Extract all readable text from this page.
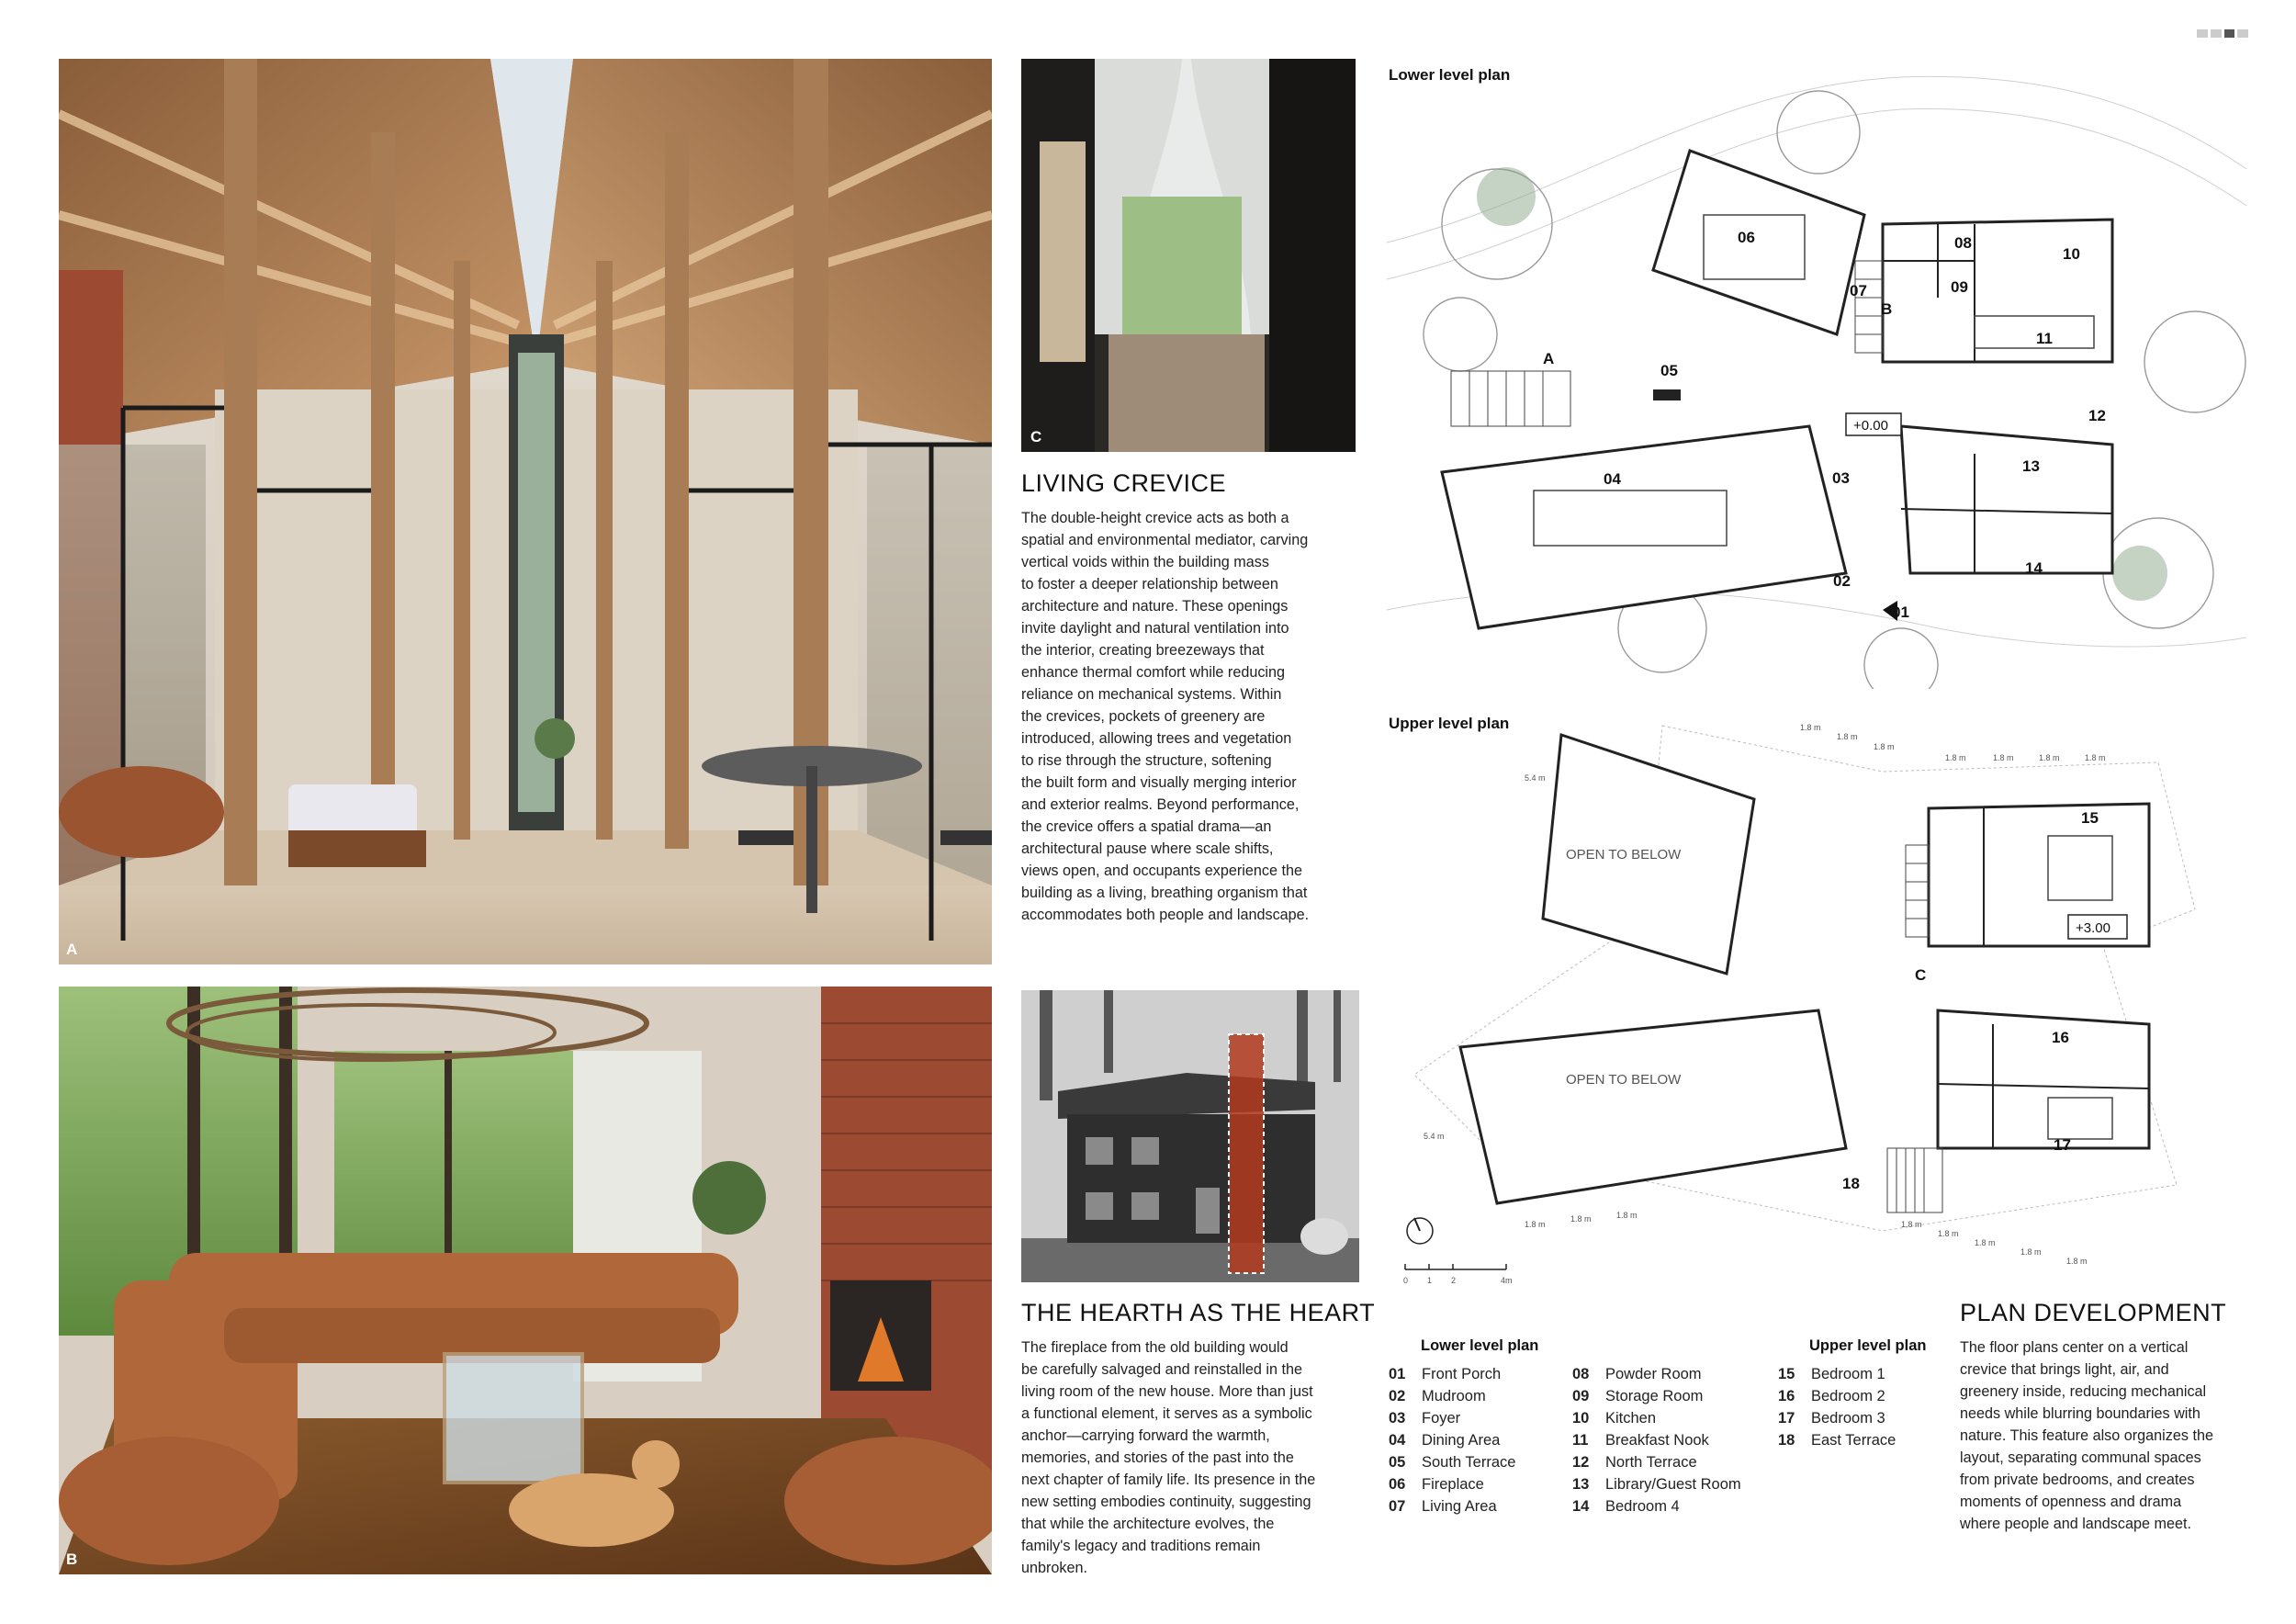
A
B
C
LIVING CREVICE
The double-height crevice acts as both a
spatial and environmental mediator, carving
vertical voids within the building mass
to foster a deeper relationship between
architecture and nature. These openings
invite daylight and natural ventilation into
the interior, creating breezeways that
enhance thermal comfort while reducing
reliance on mechanical systems. Within
the crevices, pockets of greenery are
introduced, allowing trees and vegetation
to rise through the structure, softening
the built form and visually merging interior
and exterior realms. Beyond performance,
the crevice offers a spatial drama—an
architectural pause where scale shifts,
views open, and occupants experience the
building as a living, breathing organism that
accommodates both people and landscape.
THE HEARTH AS THE HEART
The fireplace from the old building would
be carefully salvaged and reinstalled in the
living room of the new house. More than just
a functional element, it serves as a symbolic
anchor—carrying forward the warmth,
memories, and stories of the past into the
next chapter of family life. Its presence in the
new setting embodies continuity, suggesting
that while the architecture evolves, the
family's legacy and traditions remain
unbroken.
Lower level plan
01
02
03
04
05
06
07
08
09
10
11
12
13
14
A
B
+0.00
Upper level plan
OPEN TO BELOW
OPEN TO BELOW
15
16
17
18
C
+3.00
1.8 m
1.8 m
1.8 m
1.8 m	1.8 m	1.8 m	1.8 m
5.4 m
5.4 m
1.8 m
1.8 m	1.8 m
1.8 m
1.8 m
1.8 m
1.8 m
1.8 m
0 1 2	4m
Lower level plan	Upper level plan
01	Front Porch
02	Mudroom
03	Foyer
04	Dining Area
05	South Terrace
06	Fireplace
07	Living Area
08	Powder Room
09	Storage Room
10	Kitchen
11	Breakfast Nook
12	North Terrace
13	Library/Guest Room
14	Bedroom 4
15	Bedroom 1
16	Bedroom 2
17	Bedroom 3
18	East Terrace
PLAN DEVELOPMENT
The floor plans center on a vertical
crevice that brings light, air, and
greenery inside, reducing mechanical
needs while blurring boundaries with
nature. This feature also organizes the
layout, separating communal spaces
from private bedrooms, and creates
moments of openness and drama
where people and landscape meet.
